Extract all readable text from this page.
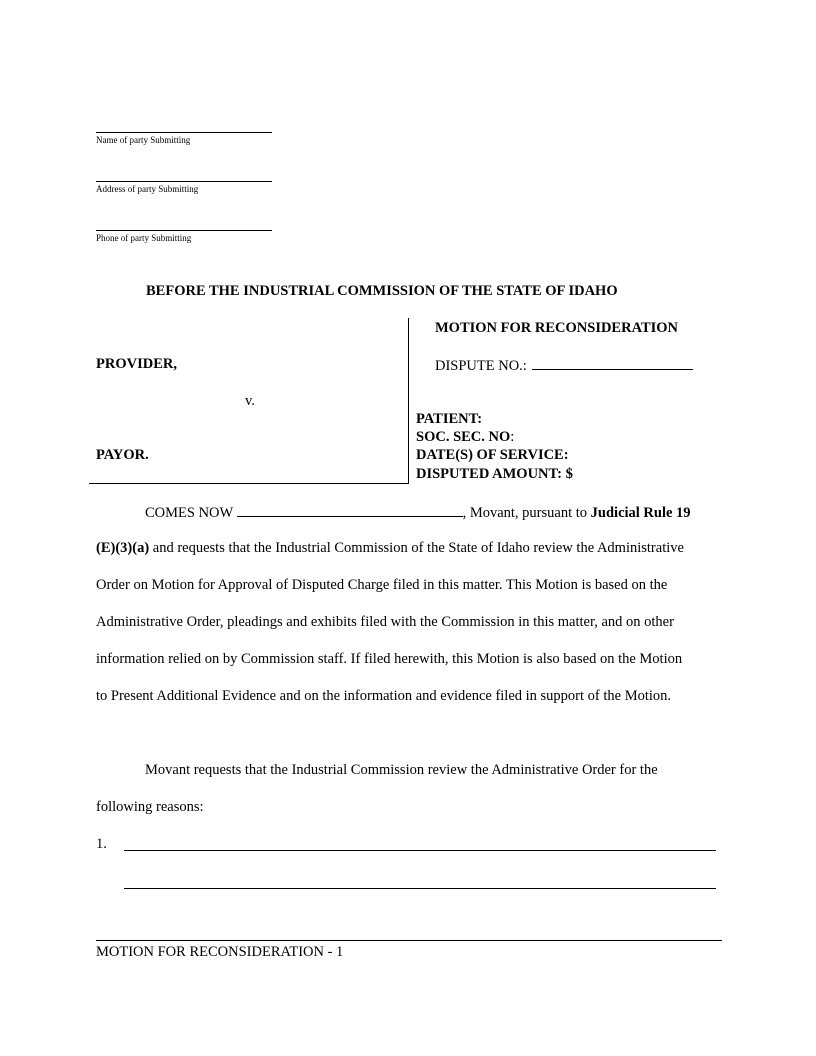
Name of party Submitting
Address of party Submitting
Phone of party Submitting
BEFORE THE INDUSTRIAL COMMISSION OF THE STATE OF IDAHO
MOTION FOR RECONSIDERATION
PROVIDER,	DISPUTE NO.:
v.
PATIENT:
SOC. SEC. NO:
PAYOR.	DATE(S) OF SERVICE:
DISPUTED AMOUNT: $
COMES NOW	, Movant, pursuant to Judicial Rule 19
(E)(3)(a) and requests that the Industrial Commission of the State of Idaho review the Administrative
Order on Motion for Approval of Disputed Charge filed in this matter. This Motion is based on the
Administrative Order, pleadings and exhibits filed with the Commission in this matter, and on other
information relied on by Commission staff. If filed herewith, this Motion is also based on the Motion
to Present Additional Evidence and on the information and evidence filed in support of the Motion.
Movant requests that the Industrial Commission review the Administrative Order for the
following reasons:
1.
MOTION FOR RECONSIDERATION - 1
